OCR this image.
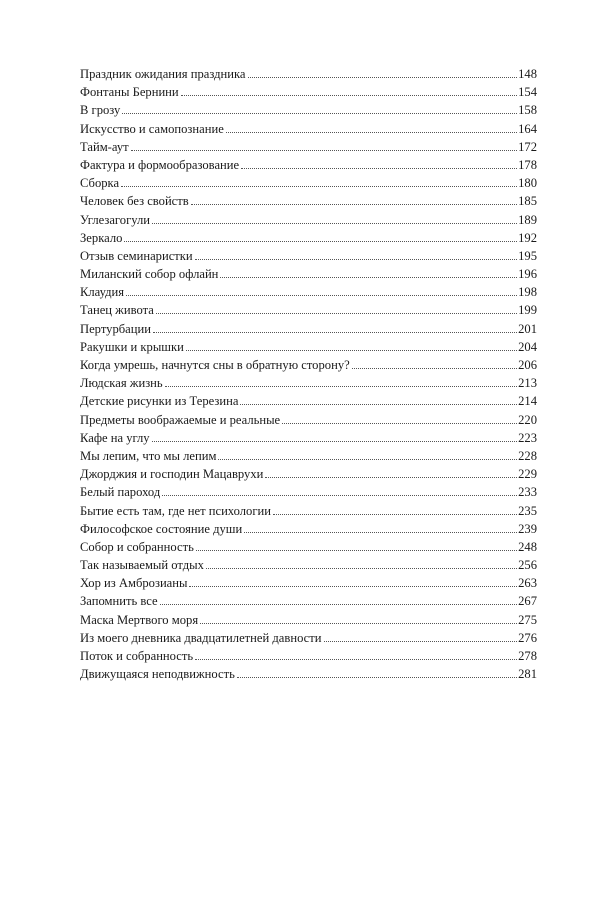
Праздник ожидания праздника	148
Фонтаны Бернини	154
В грозу	158
Искусство и самопознание	164
Тайм-аут	172
Фактура и формообразование	178
Сборка	180
Человек без свойств	185
Углезагогули	189
Зеркало	192
Отзыв семинаристки	195
Миланский собор офлайн	196
Клаудия	198
Танец живота	199
Пертурбации	201
Ракушки и крышки	204
Когда умрешь, начнутся сны в обратную сторону?	206
Людская жизнь	213
Детские рисунки из Терезина	214
Предметы воображаемые и реальные	220
Кафе на углу	223
Мы лепим, что мы лепим	228
Джорджия и господин Мацаврухи	229
Белый пароход	233
Бытие есть там, где нет психологии	235
Философское состояние души	239
Собор и собранность	248
Так называемый отдых	256
Хор из Амброзианы	263
Запомнить все	267
Маска Мертвого моря	275
Из моего дневника двадцатилетней давности	276
Поток и собранность	278
Движущаяся неподвижность	281
